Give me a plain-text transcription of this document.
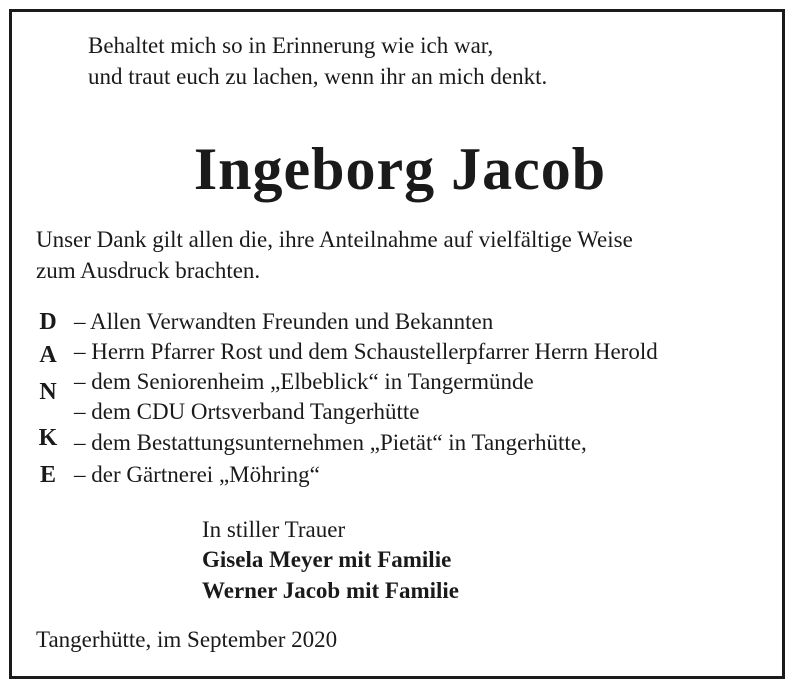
Behaltet mich so in Erinnerung wie ich war,
und traut euch zu lachen, wenn ihr an mich denkt.
Ingeborg Jacob
Unser Dank gilt allen die, ihre Anteilnahme auf vielfältige Weise
zum Ausdruck brachten.
D
A
N
K
E
– Allen Verwandten Freunden und Bekannten
– Herrn Pfarrer Rost und dem Schaustellerpfarrer Herrn Herold
– dem Seniorenheim „Elbeblick“ in Tangermünde
– dem CDU Ortsverband Tangerhütte
– dem Bestattungsunternehmen „Pietät“ in Tangerhütte,
– der Gärtnerei „Möhring“
In stiller Trauer
Gisela Meyer mit Familie
Werner Jacob mit Familie
Tangerhütte, im September 2020
